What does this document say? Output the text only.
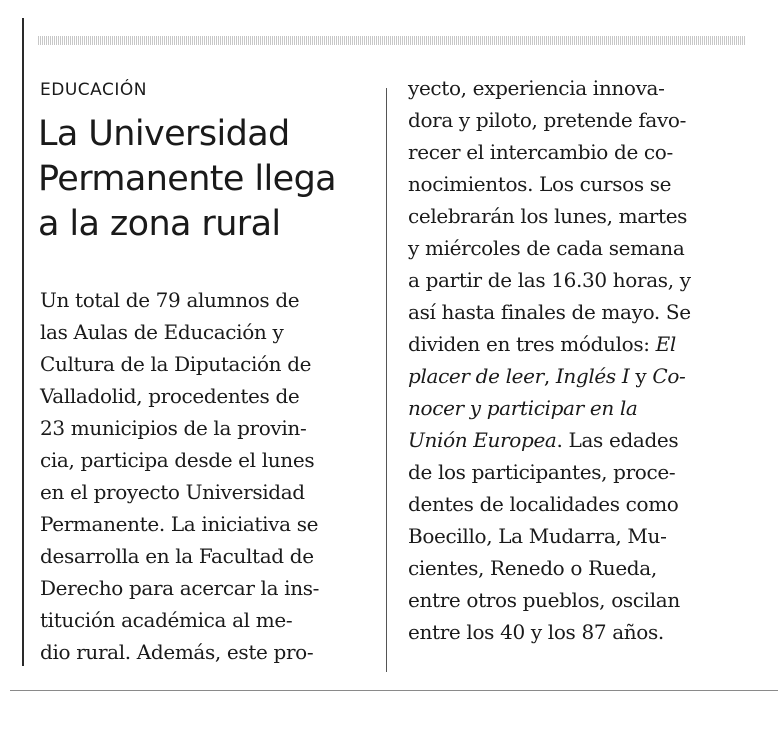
EDUCACIÓN
La Universidad
Permanente llega
a la zona rural
Un total de 79 alumnos de
las Aulas de Educación y
Cultura de la Diputación de
Valladolid, procedentes de
23 municipios de la provin-
cia, participa desde el lunes
en el proyecto Universidad
Permanente. La iniciativa se
desarrolla en la Facultad de
Derecho para acercar la ins-
titución académica al me-
dio rural. Además, este pro-
yecto, experiencia innova-
dora y piloto, pretende favo-
recer el intercambio de co-
nocimientos. Los cursos se
celebrarán los lunes, martes
y miércoles de cada semana
a partir de las 16.30 horas, y
así hasta finales de mayo. Se
dividen en tres módulos: El
placer de leer, Inglés I y Co-
nocer y participar en la
Unión Europea. Las edades
de los participantes, proce-
dentes de localidades como
Boecillo, La Mudarra, Mu-
cientes, Renedo o Rueda,
entre otros pueblos, oscilan
entre los 40 y los 87 años.
